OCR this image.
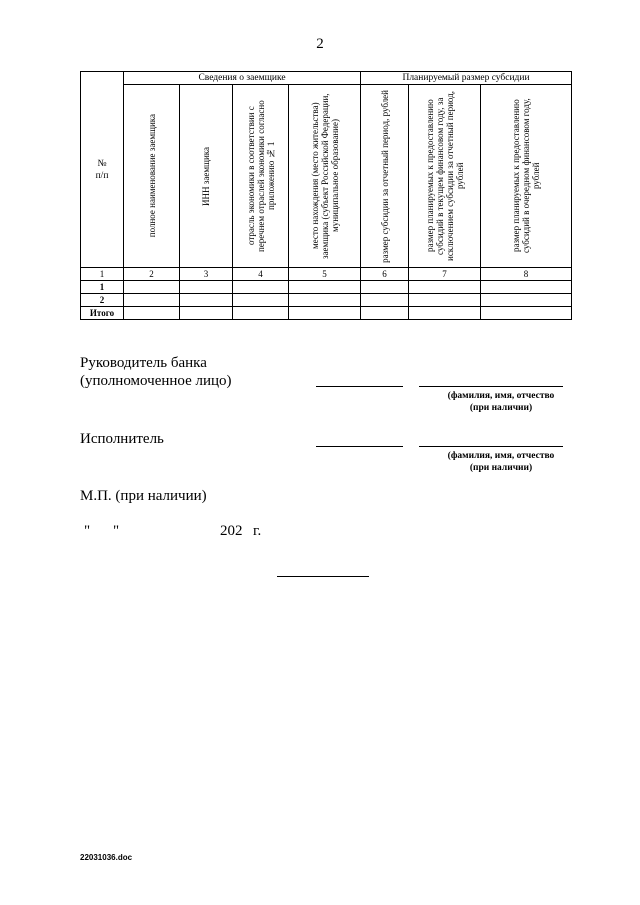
2
№
п/п	Сведения о заемщике				Планируемый размер субсидии		

	полное наименование заемщика	ИНН заемщика	отрасль экономики в соответствии с перечнем отраслей экономики согласно приложению № 1	место нахождения (место жительства) заемщика (субъект Российской Федерации, муниципальное образование)	размер субсидии за отчетный период, рублей	размер планируемых к предоставлению субсидий в текущем финансовом году, за исключением субсидии за отчетный период, рублей	размер планируемых к предоставлению субсидий в очередном финансовом году, рублей

1	2	3	4	5	6	7	8
1							
2							
Итого							
Руководитель банка
(уполномоченное лицо)
(фамилия, имя, отчество
(при наличии)
Исполнитель
(фамилия, имя, отчество
(при наличии)
М.П. (при наличии)
" "	202 г.
22031036.doc
